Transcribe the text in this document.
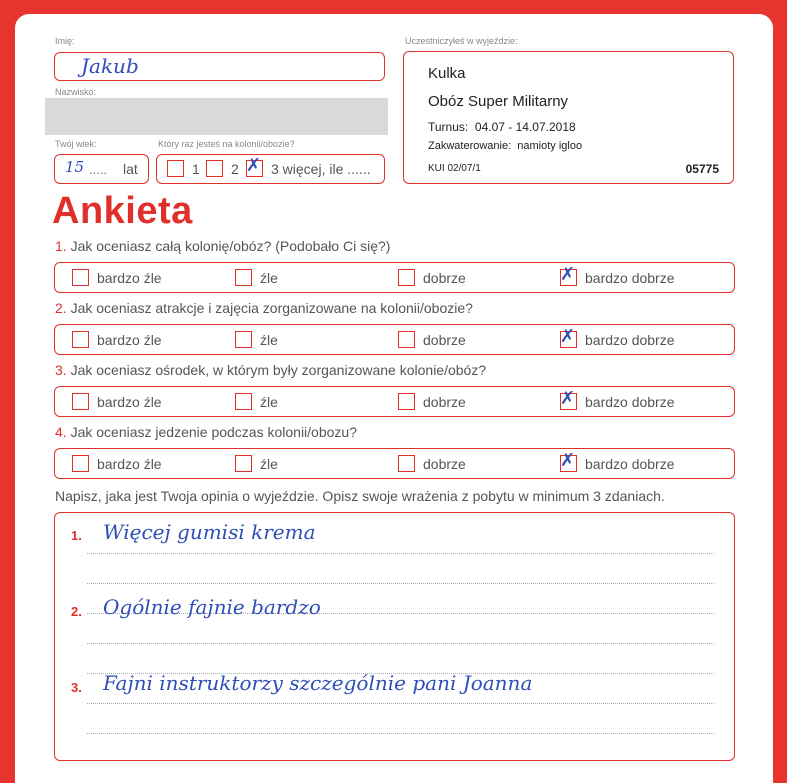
Imię:
Jakub
Nazwisko:
Twój wiek:
15 ..... lat
Który raz jesteś na kolonii/obozie?
1 2 ✗ 3 więcej, ile ......
Uczestniczyłeś w wyjeździe:
Kulka
Obóz Super Militarny
Turnus: 04.07 - 14.07.2018
Zakwaterowanie: namioty igloo
KUI 02/07/1	05775
Ankieta
1. Jak oceniasz całą kolonię/obóz? (Podobało Ci się?)
bardzo źle	źle	dobrze	✗ bardzo dobrze
2. Jak oceniasz atrakcje i zajęcia zorganizowane na kolonii/obozie?
bardzo źle	źle	dobrze	✗ bardzo dobrze
3. Jak oceniasz ośrodek, w którym były zorganizowane kolonie/obóz?
bardzo źle	źle	dobrze	✗ bardzo dobrze
4. Jak oceniasz jedzenie podczas kolonii/obozu?
bardzo źle	źle	dobrze	✗ bardzo dobrze
Napisz, jaka jest Twoja opinia o wyjeździe. Opisz swoje wrażenia z pobytu w minimum 3 zdaniach.
1. Więcej gumisi krema
2. Ogólnie fajnie bardzo
3. Fajni instruktorzy szczególnie pani Joanna
